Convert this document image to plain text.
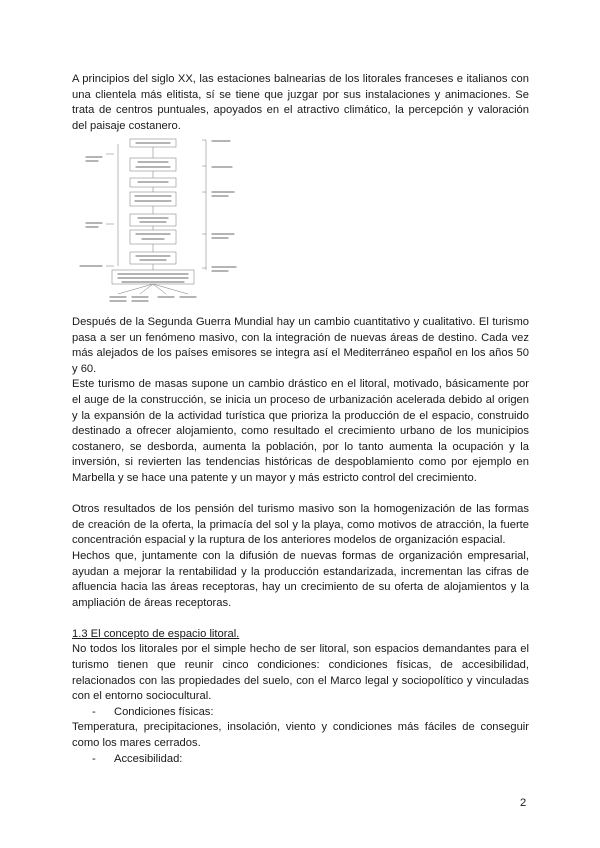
A principios del siglo XX, las estaciones balnearias de los litorales franceses e italianos con una clientela más elitista, sí se tiene que juzgar por sus instalaciones y animaciones. Se trata de centros puntuales, apoyados en el atractivo climático, la percepción y valoración del paisaje costanero.

Después de la Segunda Guerra Mundial hay un cambio cuantitativo y cualitativo. El turismo pasa a ser un fenómeno masivo, con la integración de nuevas áreas de destino. Cada vez más alejados de los países emisores se integra así el Mediterráneo español en los años 50 y 60.

Este turismo de masas supone un cambio drástico en el litoral, motivado, básicamente por el auge de la construcción, se inicia un proceso de urbanización acelerada debido al origen y la expansión de la actividad turística que prioriza la producción de el espacio, construido destinado a ofrecer alojamiento, como resultado el crecimiento urbano de los municipios costanero, se desborda, aumenta la población, por lo tanto aumenta la ocupación y la inversión, si revierten las tendencias históricas de despoblamiento como por ejemplo en Marbella y se hace una patente y un mayor y más estricto control del crecimiento.

Otros resultados de los pensión del turismo masivo son la homogenización de las formas de creación de la oferta, la primacía del sol y la playa, como motivos de atracción, la fuerte concentración espacial y la ruptura de los anteriores modelos de organización espacial.

Hechos que, juntamente con la difusión de nuevas formas de organización empresarial, ayudan a mejorar la rentabilidad y la producción estandarizada, incrementan las cifras de afluencia hacia las áreas receptoras, hay un crecimiento de su oferta de alojamientos y la ampliación de áreas receptoras.

1.3 El concepto de espacio litoral.

No todos los litorales por el simple hecho de ser litoral, son espacios demandantes para el turismo tienen que reunir cinco condiciones: condiciones físicas, de accesibilidad, relacionados con las propiedades del suelo, con el Marco legal y sociopolítico y vinculadas con el entorno sociocultural.

-	Condiciones físicas:

Temperatura, precipitaciones, insolación, viento y condiciones más fáciles de conseguir como los mares cerrados.

-	Accesibilidad:
2
